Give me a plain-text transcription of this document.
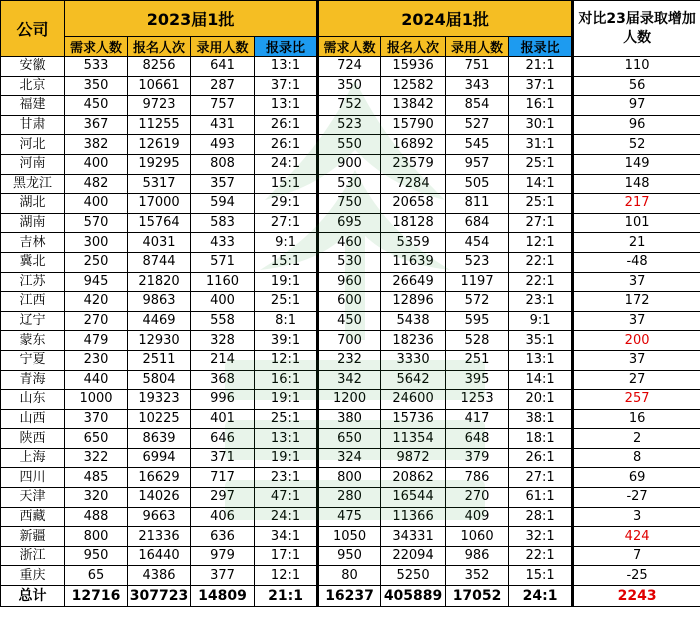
公司	2023届1批				2024届1批				对比23届录取增加人数
	需求人数	报名人次	录用人数	报录比	需求人数	报名人次	录用人数	报录比	
安徽	533	8256	641	13:1	724	15936	751	21:1	110
北京	350	10661	287	37:1	350	12582	343	37:1	56
福建	450	9723	757	13:1	752	13842	854	16:1	97
甘肃	367	11255	431	26:1	523	15790	527	30:1	96
河北	382	12619	493	26:1	550	16892	545	31:1	52
河南	400	19295	808	24:1	900	23579	957	25:1	149
黑龙江	482	5317	357	15:1	530	7284	505	14:1	148
湖北	400	17000	594	29:1	750	20658	811	25:1	217
湖南	570	15764	583	27:1	695	18128	684	27:1	101
吉林	300	4031	433	9:1	460	5359	454	12:1	21
冀北	250	8744	571	15:1	530	11639	523	22:1	-48
江苏	945	21820	1160	19:1	960	26649	1197	22:1	37
江西	420	9863	400	25:1	600	12896	572	23:1	172
辽宁	270	4469	558	8:1	450	5438	595	9:1	37
蒙东	479	12930	328	39:1	700	18236	528	35:1	200
宁夏	230	2511	214	12:1	232	3330	251	13:1	37
青海	440	5804	368	16:1	342	5642	395	14:1	27
山东	1000	19323	996	19:1	1200	24600	1253	20:1	257
山西	370	10225	401	25:1	380	15736	417	38:1	16
陕西	650	8639	646	13:1	650	11354	648	18:1	2
上海	322	6994	371	19:1	324	9872	379	26:1	8
四川	485	16629	717	23:1	800	20862	786	27:1	69
天津	320	14026	297	47:1	280	16544	270	61:1	-27
西藏	488	9663	406	24:1	475	11366	409	28:1	3
新疆	800	21336	636	34:1	1050	34331	1060	32:1	424
浙江	950	16440	979	17:1	950	22094	986	22:1	7
重庆	65	4386	377	12:1	80	5250	352	15:1	-25
总计	12716	307723	14809	21:1	16237	405889	17052	24:1	2243
